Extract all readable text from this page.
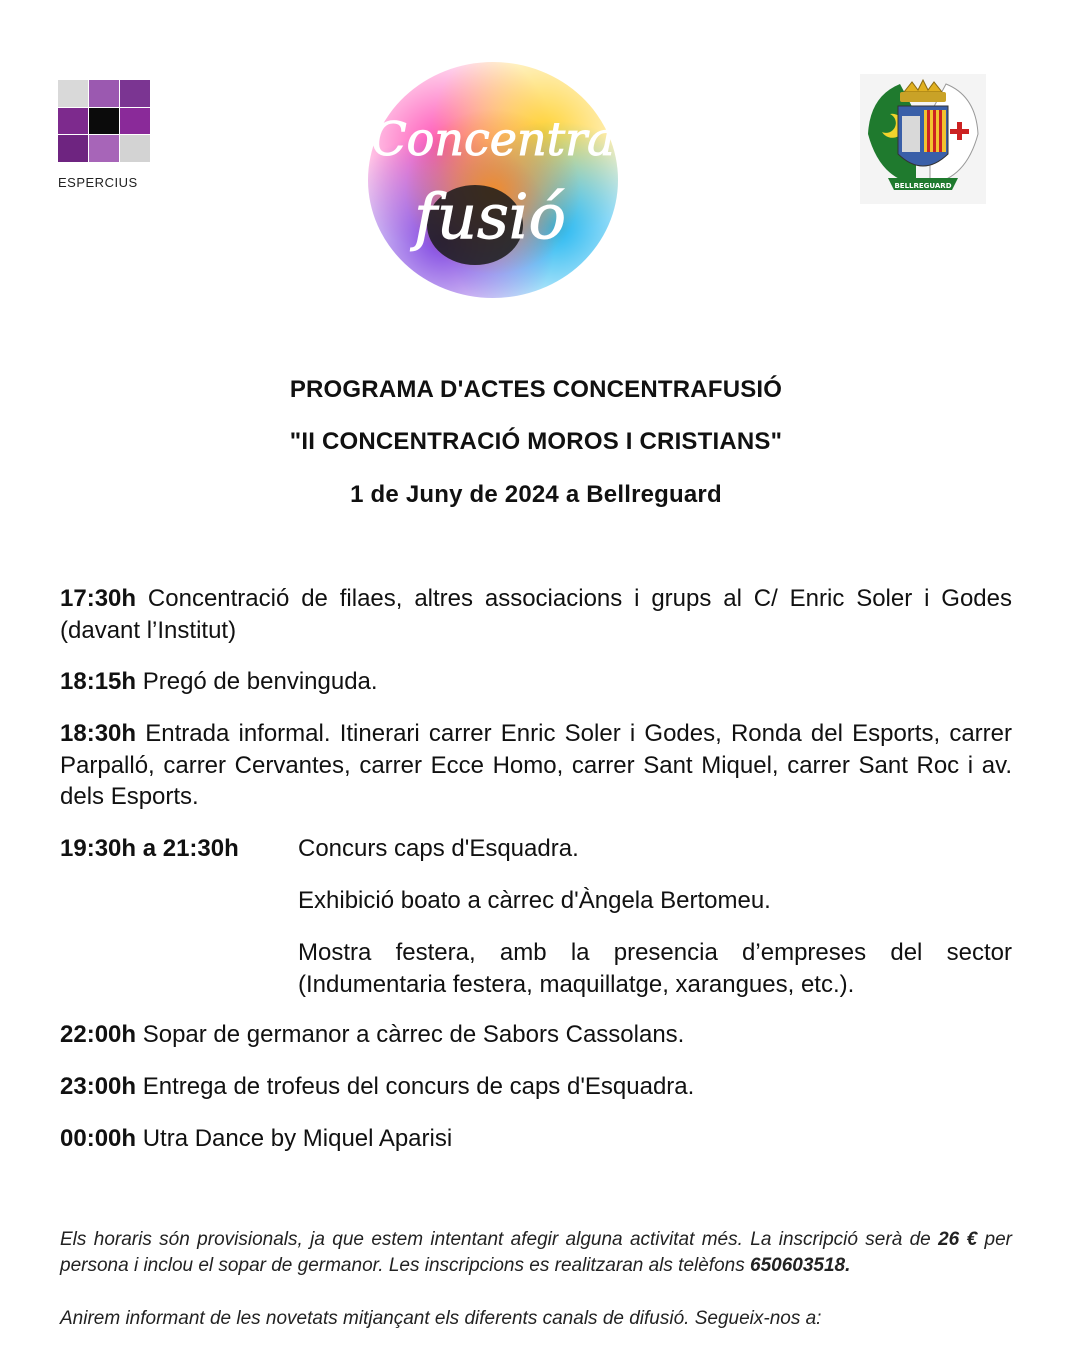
ESPERCIUS
Concentra
fusió	BELLREGUARD
PROGRAMA D'ACTES CONCENTRAFUSIÓ
"II CONCENTRACIÓ MOROS I CRISTIANS"
1 de Juny de 2024 a Bellreguard
17:30h Concentració de filaes, altres associacions i grups al C/ Enric Soler i Godes (davant l’Institut)
18:15h Pregó de benvinguda.
18:30h Entrada informal. Itinerari carrer Enric Soler i Godes, Ronda del Esports, carrer Parpalló, carrer Cervantes, carrer Ecce Homo, carrer Sant Miquel, carrer Sant Roc i av. dels Esports.
19:30h a 21:30h Concurs caps d'Esquadra.
Exhibició boato a càrrec d'Àngela Bertomeu.
Mostra festera, amb la presencia d’empreses del sector (Indumentaria festera, maquillatge, xarangues, etc.).
22:00h Sopar de germanor a càrrec de Sabors Cassolans.
23:00h Entrega de trofeus del concurs de caps d'Esquadra.
00:00h Utra Dance by Miquel Aparisi
Els horaris són provisionals, ja que estem intentant afegir alguna activitat més. La inscripció serà de 26 € per persona i inclou el sopar de germanor. Les inscripcions es realitzaran als telèfons 650603518.
Anirem informant de les novetats mitjançant els diferents canals de difusió. Segueix-nos a:
